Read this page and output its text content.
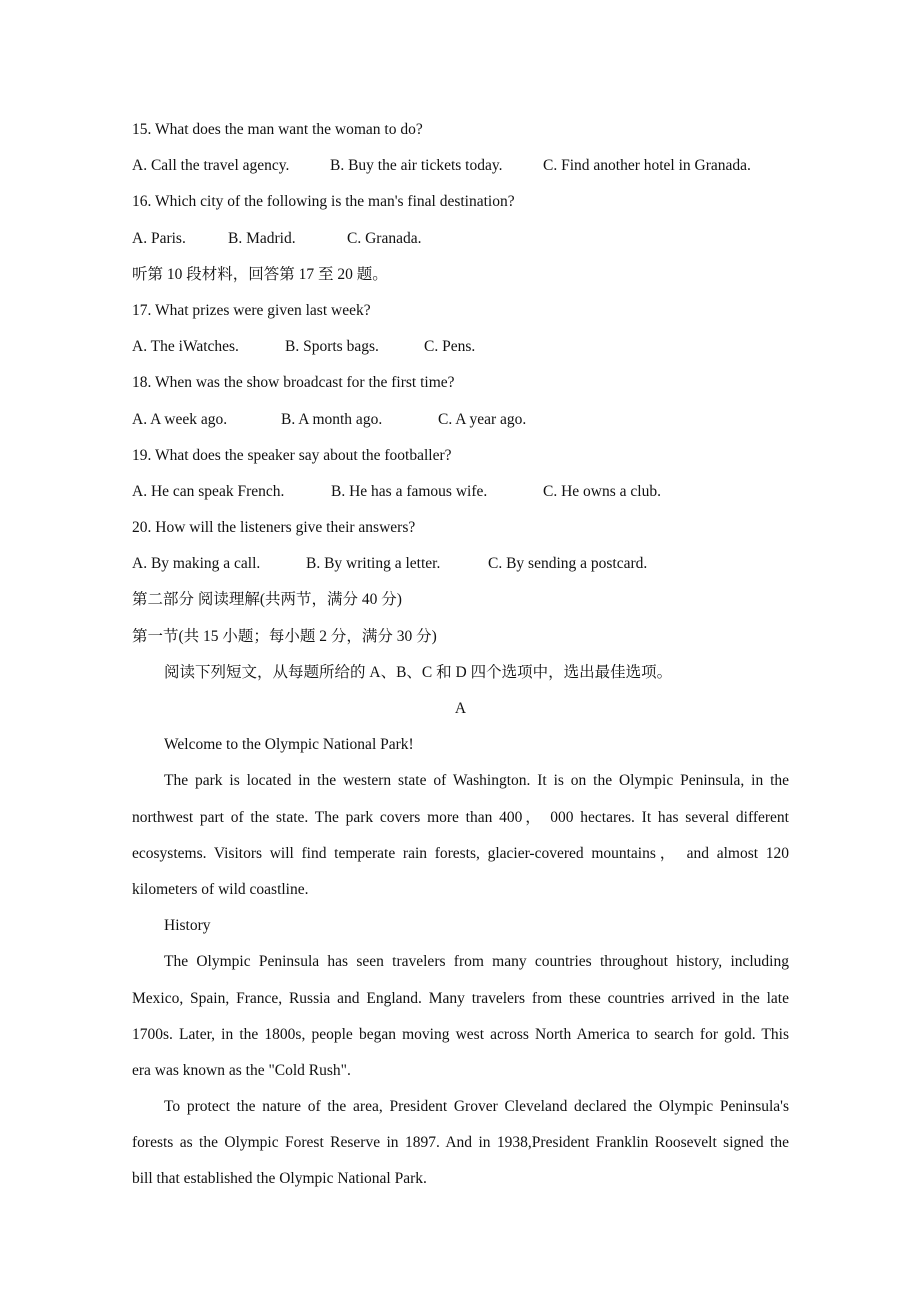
15. What does the man want the woman to do?
A. Call the travel agency.	B. Buy the air tickets today.	C. Find another hotel in Granada.
16. Which city of the following is the man's final destination?
A. Paris.	B. Madrid.	C. Granada.
听第 10 段材料，回答第 17 至 20 题。
17. What prizes were given last week?
A. The iWatches.	B. Sports bags.	C. Pens.
18. When was the show broadcast for the first time?
A. A week ago.	B. A month ago.	C. A year ago.
19. What does the speaker say about the footballer?
A. He can speak French.	B. He has a famous wife.	C. He owns a club.
20. How will the listeners give their answers?
A. By making a call.	B. By writing a letter.	C. By sending a postcard.
第二部分 阅读理解(共两节，满分 40 分)
第一节(共 15 小题；每小题 2 分，满分 30 分)
阅读下列短文，从每题所给的 A、B、C 和 D 四个选项中，选出最佳选项。
A
Welcome to the Olympic National Park!
The park is located in the western state of Washington. It is on the Olympic Peninsula, in the
northwest part of the state. The park covers more than 400， 000 hectares. It has several different
ecosystems. Visitors will find temperate rain forests, glacier-covered mountains， and almost 120
kilometers of wild coastline.
History
The Olympic Peninsula has seen travelers from many countries throughout history, including
Mexico, Spain, France, Russia and England. Many travelers from these countries arrived in the late
1700s. Later, in the 1800s, people began moving west across North America to search for gold. This
era was known as the "Cold Rush".
To protect the nature of the area, President Grover Cleveland declared the Olympic Peninsula's
forests as the Olympic Forest Reserve in 1897. And in 1938,President Franklin Roosevelt signed the
bill that established the Olympic National Park.
